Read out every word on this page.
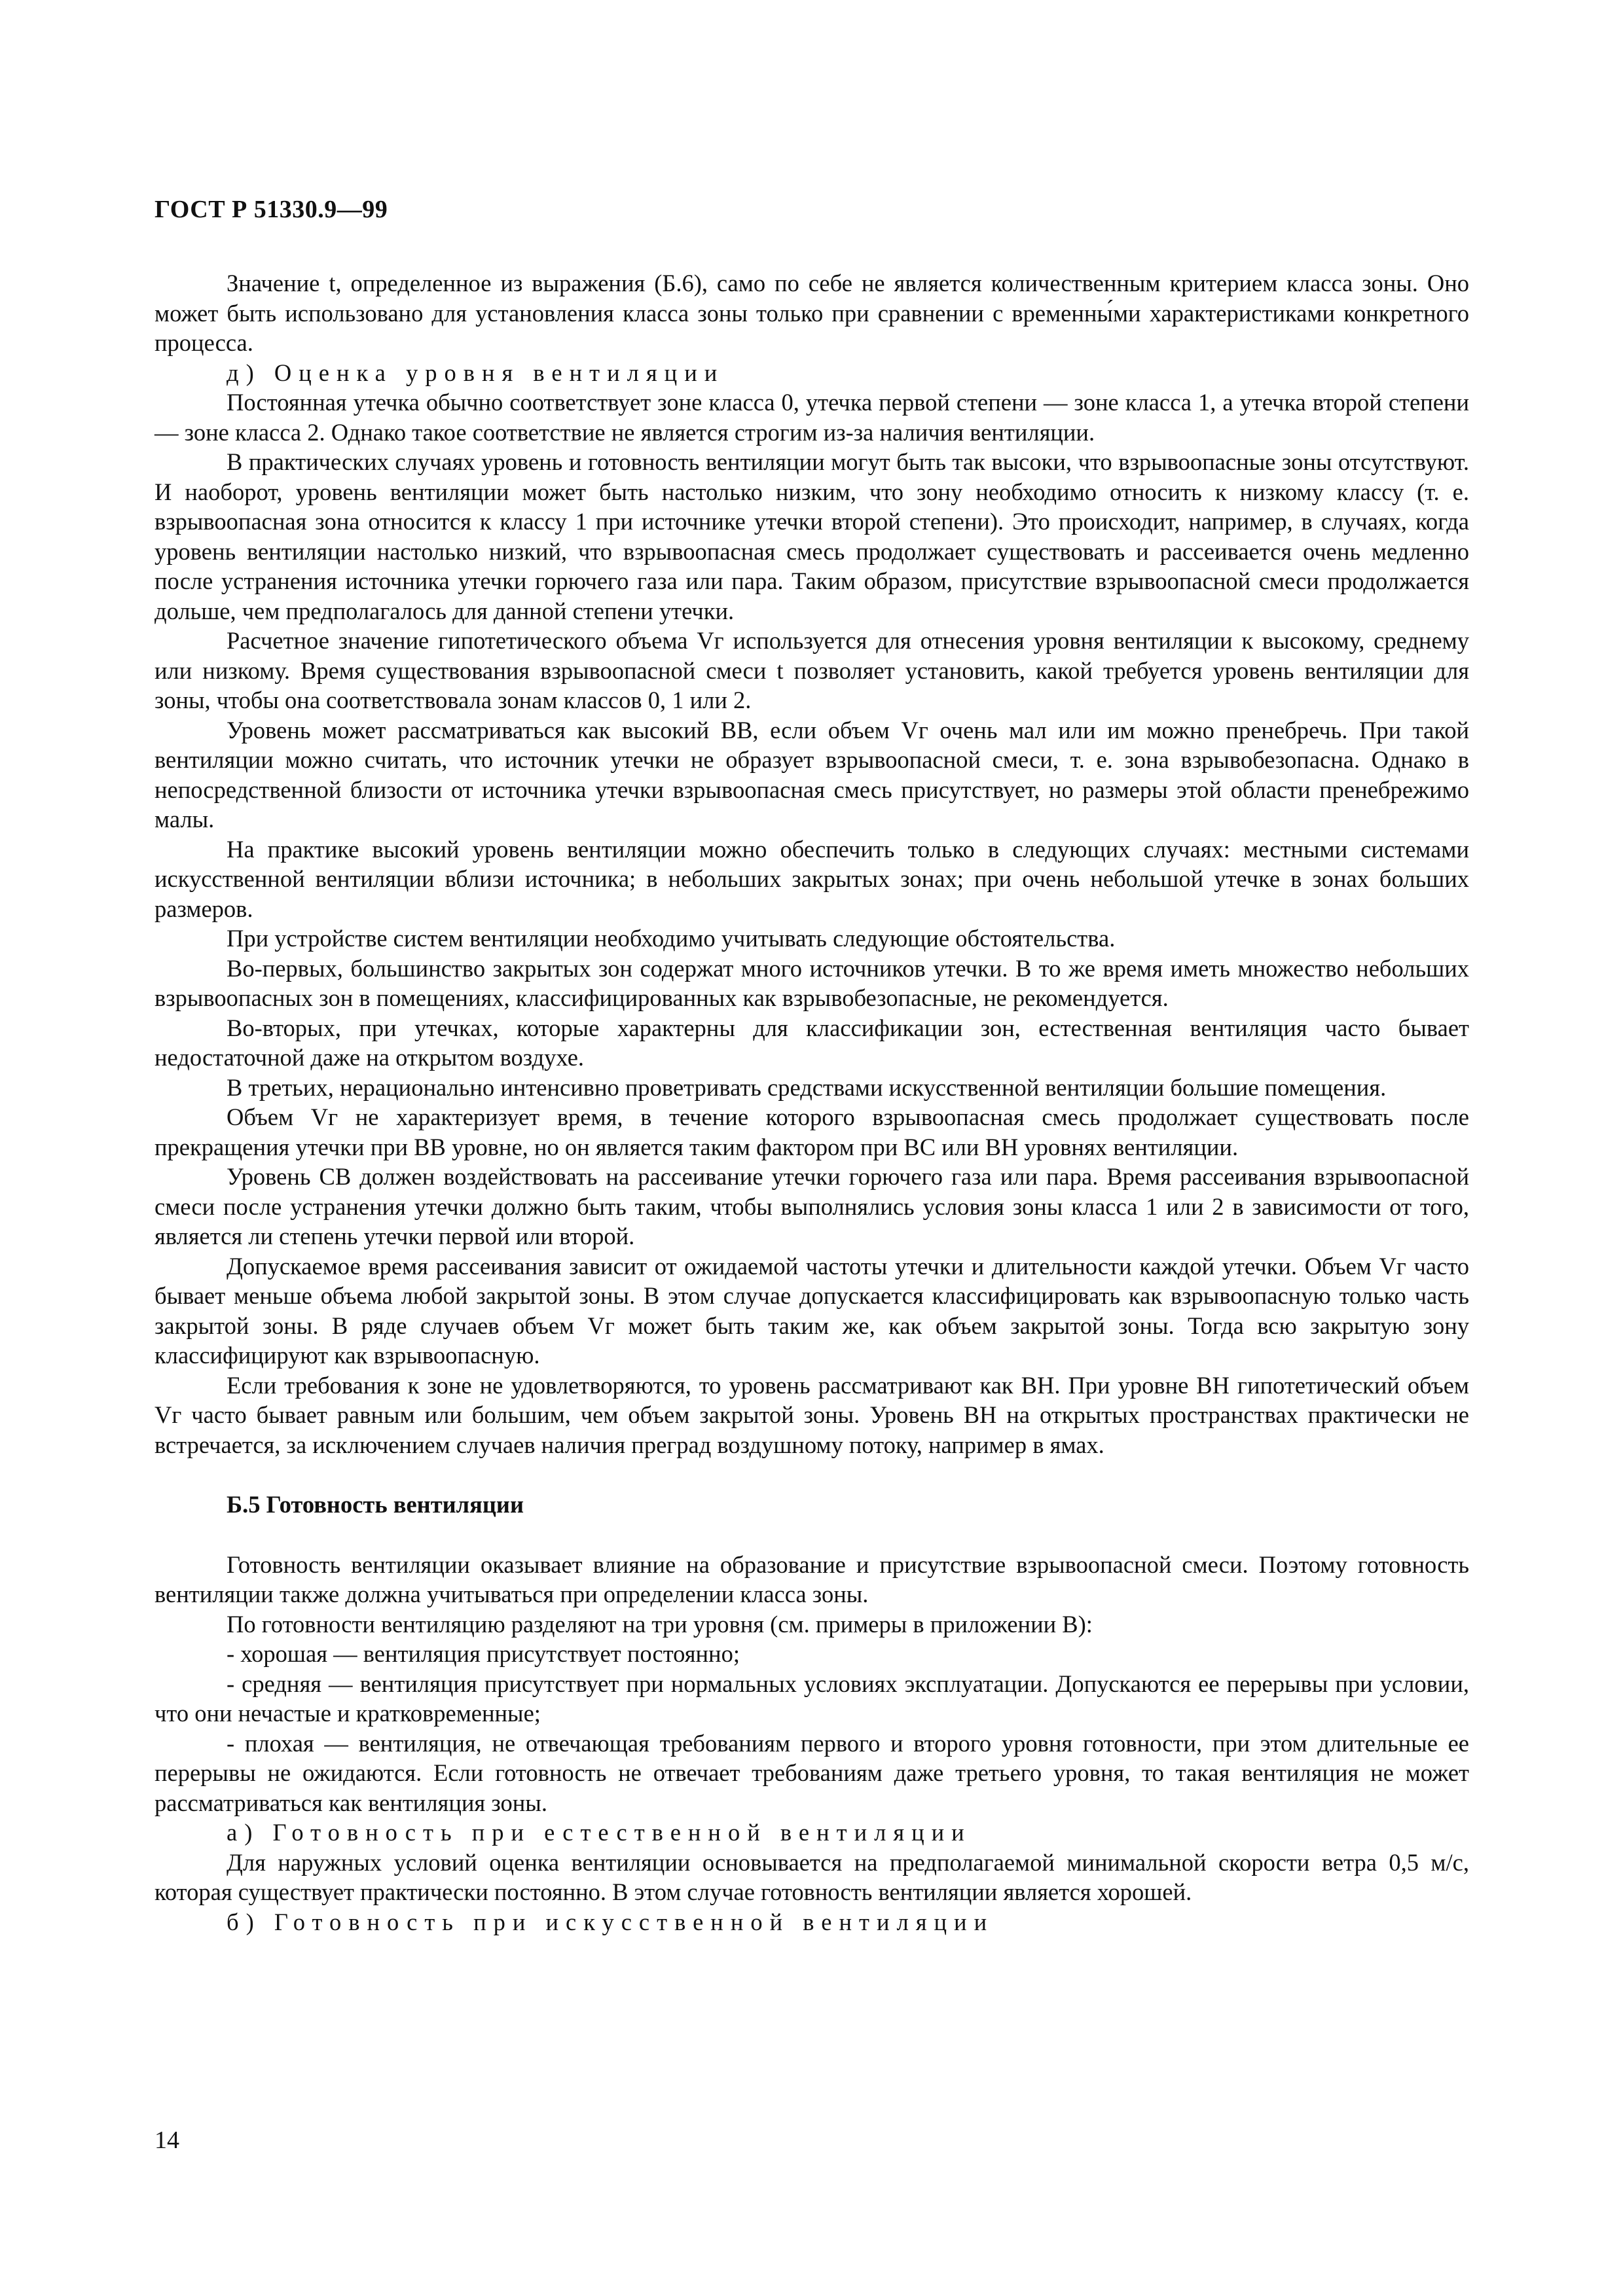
ГОСТ Р 51330.9—99

Значение t, определенное из выражения (Б.6), само по себе не является количественным критерием класса зоны. Оно может быть использовано для установления класса зоны только при сравнении с временны́ми характеристиками конкретного процесса.

д) Оценка уровня вентиляции

Постоянная утечка обычно соответствует зоне класса 0, утечка первой степени — зоне класса 1, а утечка второй степени — зоне класса 2. Однако такое соответствие не является строгим из-за наличия вентиляции.

В практических случаях уровень и готовность вентиляции могут быть так высоки, что взрывоопасные зоны отсутствуют. И наоборот, уровень вентиляции может быть настолько низким, что зону необходимо относить к низкому классу (т. е. взрывоопасная зона относится к классу 1 при источнике утечки второй степени). Это происходит, например, в случаях, когда уровень вентиляции настолько низкий, что взрывоопасная смесь продолжает существовать и рассеивается очень медленно после устранения источника утечки горючего газа или пара. Таким образом, присутствие взрывоопасной смеси продолжается дольше, чем предполагалось для данной степени утечки.

Расчетное значение гипотетического объема Vг используется для отнесения уровня вентиляции к высокому, среднему или низкому. Время существования взрывоопасной смеси t позволяет установить, какой требуется уровень вентиляции для зоны, чтобы она соответствовала зонам классов 0, 1 или 2.

Уровень может рассматриваться как высокий ВВ, если объем Vг очень мал или им можно пренебречь. При такой вентиляции можно считать, что источник утечки не образует взрывоопасной смеси, т. е. зона взрывобезопасна. Однако в непосредственной близости от источника утечки взрывоопасная смесь присутствует, но размеры этой области пренебрежимо малы.

На практике высокий уровень вентиляции можно обеспечить только в следующих случаях: местными системами искусственной вентиляции вблизи источника; в небольших закрытых зонах; при очень небольшой утечке в зонах больших размеров.

При устройстве систем вентиляции необходимо учитывать следующие обстоятельства.

Во-первых, большинство закрытых зон содержат много источников утечки. В то же время иметь множество небольших взрывоопасных зон в помещениях, классифицированных как взрывобезопасные, не рекомендуется.

Во-вторых, при утечках, которые характерны для классификации зон, естественная вентиляция часто бывает недостаточной даже на открытом воздухе.

В третьих, нерационально интенсивно проветривать средствами искусственной вентиляции большие помещения.

Объем Vг не характеризует время, в течение которого взрывоопасная смесь продолжает существовать после прекращения утечки при ВВ уровне, но он является таким фактором при ВС или ВН уровнях вентиляции.

Уровень СВ должен воздействовать на рассеивание утечки горючего газа или пара. Время рассеивания взрывоопасной смеси после устранения утечки должно быть таким, чтобы выполнялись условия зоны класса 1 или 2 в зависимости от того, является ли степень утечки первой или второй.

Допускаемое время рассеивания зависит от ожидаемой частоты утечки и длительности каждой утечки. Объем Vг часто бывает меньше объема любой закрытой зоны. В этом случае допускается классифицировать как взрывоопасную только часть закрытой зоны. В ряде случаев объем Vг может быть таким же, как объем закрытой зоны. Тогда всю закрытую зону классифицируют как взрывоопасную.

Если требования к зоне не удовлетворяются, то уровень рассматривают как ВН. При уровне ВН гипотетический объем Vг часто бывает равным или большим, чем объем закрытой зоны. Уровень ВН на открытых пространствах практически не встречается, за исключением случаев наличия преград воздушному потоку, например в ямах.

Б.5 Готовность вентиляции

Готовность вентиляции оказывает влияние на образование и присутствие взрывоопасной смеси. Поэтому готовность вентиляции также должна учитываться при определении класса зоны.

По готовности вентиляцию разделяют на три уровня (см. примеры в приложении В):

- хорошая — вентиляция присутствует постоянно;

- средняя — вентиляция присутствует при нормальных условиях эксплуатации. Допускаются ее перерывы при условии, что они нечастые и кратковременные;

- плохая — вентиляция, не отвечающая требованиям первого и второго уровня готовности, при этом длительные ее перерывы не ожидаются. Если готовность не отвечает требованиям даже третьего уровня, то такая вентиляция не может рассматриваться как вентиляция зоны.

а) Готовность при естественной вентиляции

Для наружных условий оценка вентиляции основывается на предполагаемой минимальной скорости ветра 0,5 м/с, которая существует практически постоянно. В этом случае готовность вентиляции является хорошей.

б) Готовность при искусственной вентиляции

14
